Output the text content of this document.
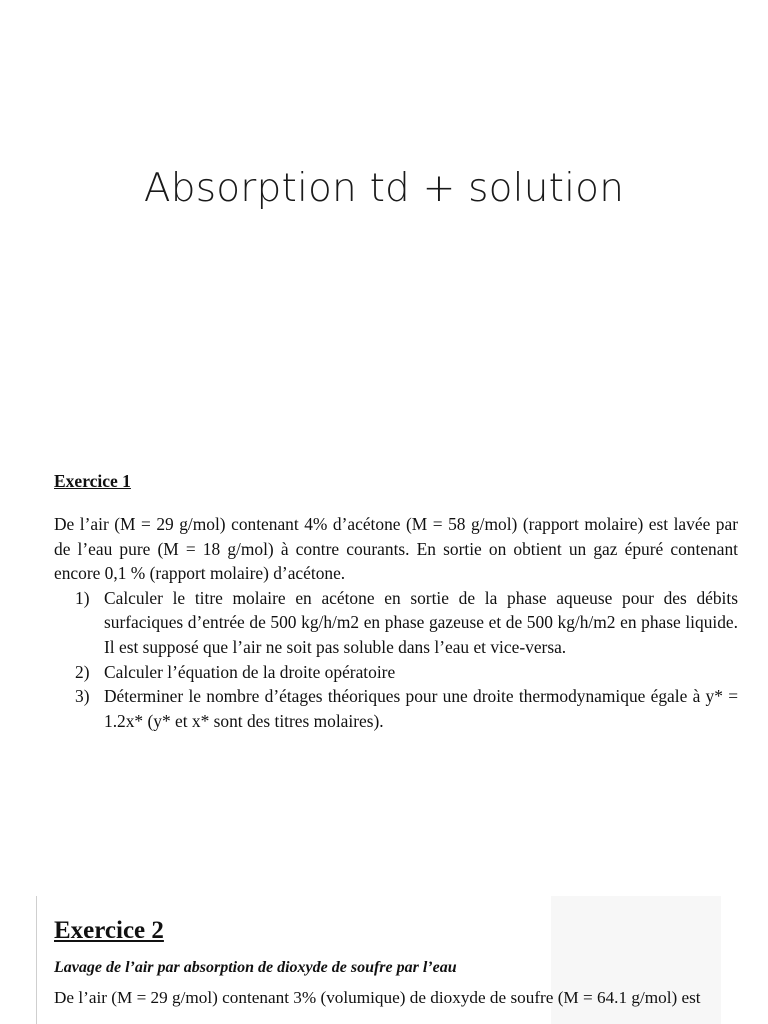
Absorption td + solution
Exercice 1

De l’air (M = 29 g/mol) contenant 4% d’acétone (M = 58 g/mol) (rapport molaire) est lavée par de l’eau pure (M = 18 g/mol) à contre courants. En sortie on obtient un gaz épuré contenant encore 0,1 % (rapport molaire) d’acétone.

1) Calculer le titre molaire en acétone en sortie de la phase aqueuse pour des débits surfaciques d’entrée de 500 kg/h/m2 en phase gazeuse et de 500 kg/h/m2 en phase liquide. Il est supposé que l’air ne soit pas soluble dans l’eau et vice-versa.
2) Calculer l’équation de la droite opératoire
3) Déterminer le nombre d’étages théoriques pour une droite thermodynamique égale à y* = 1.2x* (y* et x* sont des titres molaires).
Exercice 2
Lavage de l’air par absorption de dioxyde de soufre par l’eau

De l’air (M = 29 g/mol) contenant 3% (volumique) de dioxyde de soufre (M = 64.1 g/mol) est
